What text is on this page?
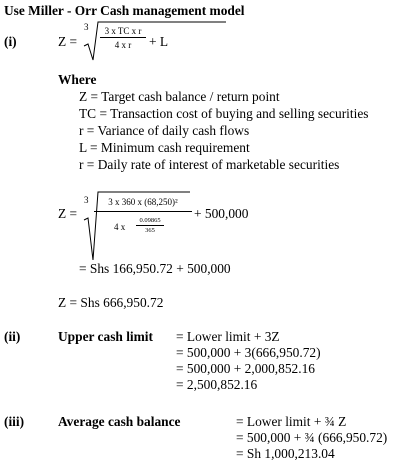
Use Miller - Orr Cash management model
(i)	Z =
3	3 x TC x r
4 x r	+ L
Where
Z = Target cash balance / return point
TC = Transaction cost of buying and selling securities
r = Variance of daily cash flows
L = Minimum cash requirement
r = Daily rate of interest of marketable securities
Z =
3	3 x 360 x (68,250)²
4 x
0.09865
365
+ 500,000
= Shs 166,950.72 + 500,000
Z = Shs 666,950.72
(ii)	Upper cash limit = Lower limit + 3Z
= 500,000 + 3(666,950.72)
= 500,000 + 2,000,852.16
= 2,500,852.16
(iii)	Average cash balance	= Lower limit + ¾ Z
= 500,000 + ¾ (666,950.72)
= Sh 1,000,213.04
